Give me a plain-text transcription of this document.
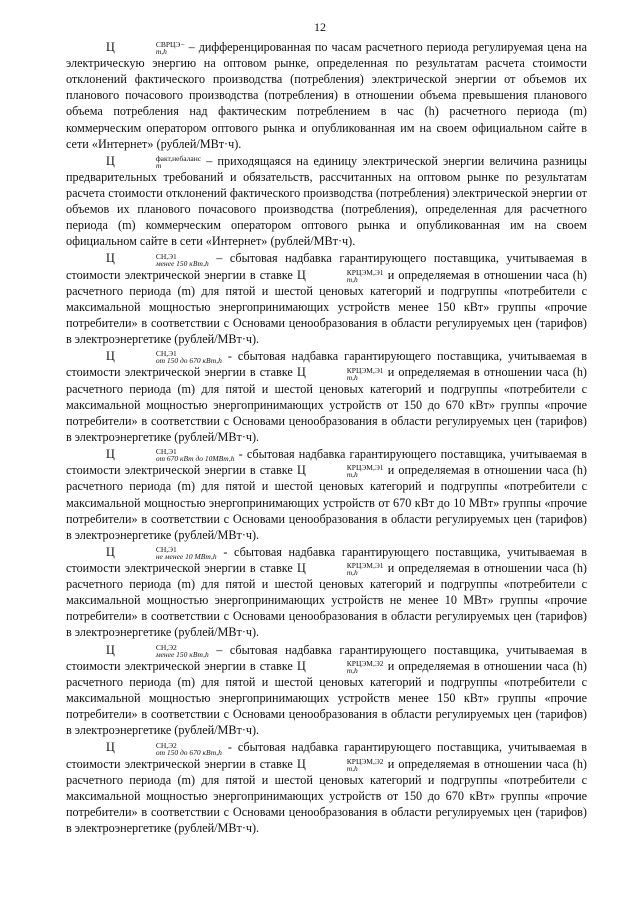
12

Ц	СВРЦЭ−
m,h	– дифференцированная по часам расчетного периода регулируемая цена на электрическую энергию на оптовом рынке, определенная по результатам расчета стоимости отклонений фактического производства (потребления) электрической энергии от объемов их планового почасового производства (потребления) в отношении объема превышения планового объема потребления над фактическим потреблением в час (h) расчетного периода (m) коммерческим оператором оптового рынка и опубликованная им на своем официальном сайте в сети «Интернет» (рублей/МВт·ч).

Ц	факт,небаланс
m	– приходящаяся на единицу электрической энергии величина разницы предварительных требований и обязательств, рассчитанных на оптовом рынке по результатам расчета стоимости отклонений фактического производства (потребления) электрической энергии от объемов их планового почасового производства (потребления), определенная для расчетного периода (m) коммерческим оператором оптового рынка и опубликованная им на своем официальном сайте в сети «Интернет» (рублей/МВт·ч).

Ц	СН,Э1
менее 150 кВт,h – сбытовая надбавка гарантирующего поставщика, учитываемая в стоимости электрической энергии в ставке Ц	КРЦЭМ,Э1
m,h	и определяемая в отношении часа (h) расчетного периода (m) для пятой и шестой ценовых категорий и подгруппы «потребители с максимальной мощностью энергопринимающих устройств менее 150 кВт» группы «прочие потребители» в соответствии с Основами ценообразования в области регулируемых цен (тарифов) в электроэнергетике (рублей/МВт·ч).

Ц	СН,Э1
от 150 до 670 кВт,h - сбытовая надбавка гарантирующего поставщика, учитываемая в стоимости электрической энергии в ставке Ц	КРЦЭМ,Э1
m,h	и определяемая в отношении часа (h) расчетного периода (m) для пятой и шестой ценовых категорий и подгруппы «потребители с максимальной мощностью энергопринимающих устройств от 150 до 670 кВт» группы «прочие потребители» в соответствии с Основами ценообразования в области регулируемых цен (тарифов) в электроэнергетике (рублей/МВт·ч).

Ц	СН,Э1
от 670 кВт до 10МВт,h - сбытовая надбавка гарантирующего поставщика, учитываемая в стоимости электрической энергии в ставке Ц	КРЦЭМ,Э1
m,h	и определяемая в отношении часа (h) расчетного периода (m) для пятой и шестой ценовых категорий и подгруппы «потребители с максимальной мощностью энергопринимающих устройств от 670 кВт до 10 МВт» группы «прочие потребители» в соответствии с Основами ценообразования в области регулируемых цен (тарифов) в электроэнергетике (рублей/МВт·ч).

Ц	СН,Э1
не менее 10 МВт,h - сбытовая надбавка гарантирующего поставщика, учитываемая в стоимости электрической энергии в ставке Ц	КРЦЭМ,Э1
m,h	и определяемая в отношении часа (h) расчетного периода (m) для пятой и шестой ценовых категорий и подгруппы «потребители с максимальной мощностью энергопринимающих устройств не менее 10 МВт» группы «прочие потребители» в соответствии с Основами ценообразования в области регулируемых цен (тарифов) в электроэнергетике (рублей/МВт·ч).

Ц	СН,Э2
менее 150 кВт,h – сбытовая надбавка гарантирующего поставщика, учитываемая в стоимости электрической энергии в ставке Ц	КРЦЭМ,Э2
m,h	и определяемая в отношении часа (h) расчетного периода (m) для пятой и шестой ценовых категорий и подгруппы «потребители с максимальной мощностью энергопринимающих устройств менее 150 кВт» группы «прочие потребители» в соответствии с Основами ценообразования в области регулируемых цен (тарифов) в электроэнергетике (рублей/МВт·ч).

Ц	СН,Э2
от 150 до 670 кВт,h - сбытовая надбавка гарантирующего поставщика, учитываемая в стоимости электрической энергии в ставке Ц	КРЦЭМ,Э2
m,h	и определяемая в отношении часа (h) расчетного периода (m) для пятой и шестой ценовых категорий и подгруппы «потребители с максимальной мощностью энергопринимающих устройств от 150 до 670 кВт» группы «прочие потребители» в соответствии с Основами ценообразования в области регулируемых цен (тарифов) в электроэнергетике (рублей/МВт·ч).
